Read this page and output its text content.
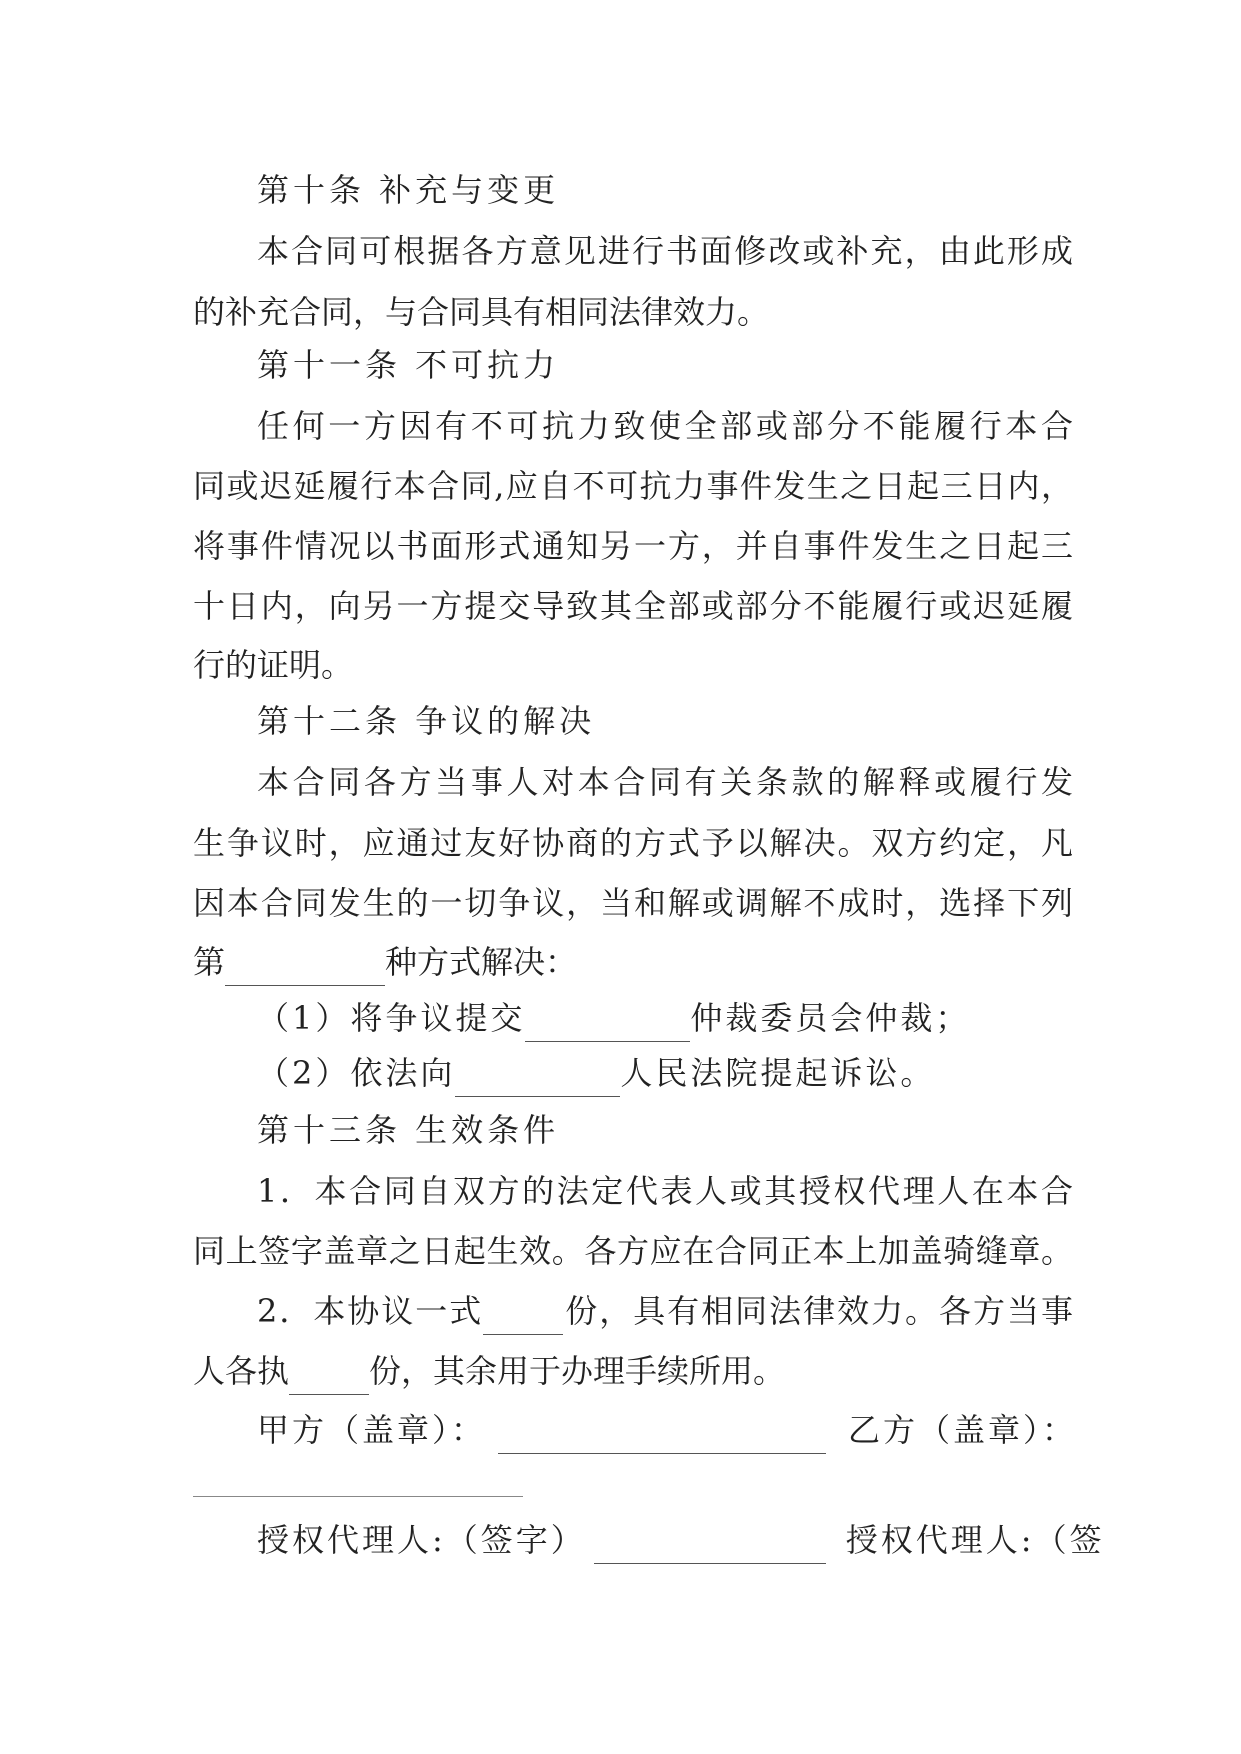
第十条 补充与变更
本合同可根据各方意见进行书面修改或补充，由此形成
的补充合同，与合同具有相同法律效力。
第十一条 不可抗力
任何一方因有不可抗力致使全部或部分不能履行本合
同或迟延履行本合同,应自不可抗力事件发生之日起三日内，
将事件情况以书面形式通知另一方，并自事件发生之日起三
十日内，向另一方提交导致其全部或部分不能履行或迟延履
行的证明。
第十二条 争议的解决
本合同各方当事人对本合同有关条款的解释或履行发
生争议时，应通过友好协商的方式予以解决。双方约定，凡
因本合同发生的一切争议，当和解或调解不成时，选择下列
第	种方式解决：
（1）将争议提交	仲裁委员会仲裁；
（2）依法向	人民法院提起诉讼。
第十三条 生效条件
1．本合同自双方的法定代表人或其授权代理人在本合
同上签字盖章之日起生效。各方应在合同正本上加盖骑缝章。
2．本协议一式	份，具有相同法律效力。各方当事
人各执	份，其余用于办理手续所用。
甲方（盖章）：	乙方（盖章）：
授权代理人:（签字）	授权代理人:（签
